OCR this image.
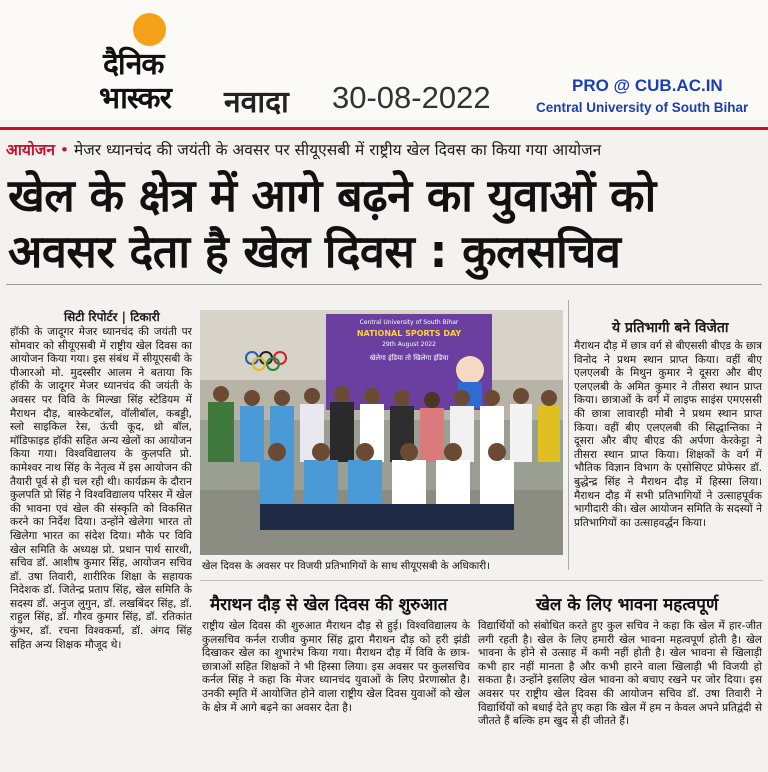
दैनिक
भास्कर नवादा 30-08-2022	PRO @ CUB.AC.IN
Central University of South Bihar
आयोजन • मेजर ध्यानचंद की जयंती के अवसर पर सीयूएसबी में राष्ट्रीय खेल दिवस का किया गया आयोजन
खेल के क्षेत्र में आगे बढ़ने का युवाओं को अवसर देता है खेल दिवस : कुलसचिव
सिटी रिपोर्टर | टिकारी
हॉकी के जादूगर मेजर ध्यानचंद की जयंती पर सोमवार को सीयूएसबी में राष्ट्रीय खेल दिवस का आयोजन किया गया। इस संबंध में सीयूएसबी के पीआरओ मो. मुदस्सीर आलम ने बताया कि हॉकी के जादूगर मेजर ध्यानचंद की जयंती के अवसर पर विवि के मिल्खा सिंह स्टेडियम में मैराथन दौड़, बास्केटबॉल, वॉलीबॉल, कबड्डी, स्लो साइकिल रेस, ऊंची कूद, थ्रो बॉल, मॉडिफाइड हॉकी सहित अन्य खेलों का आयोजन किया गया। विश्वविद्यालय के कुलपति प्रो. कामेश्वर नाथ सिंह के नेतृत्व में इस आयोजन की तैयारी पूर्व से ही चल रही थी। कार्यक्रम के दौरान कुलपति प्रो सिंह ने विश्वविद्यालय परिसर में खेल की भावना एवं खेल की संस्कृति को विकसित करने का निर्देश दिया। उन्होंने खेलेगा भारत तो खिलेगा भारत का संदेश दिया। मौके पर विवि खेल समिति के अध्यक्ष प्रो. प्रधान पार्थ सारथी, सचिव डॉ. आशीष कुमार सिंह, आयोजन सचिव डॉ. उषा तिवारी, शारीरिक शिक्षा के सहायक निदेशक डॉ. जितेन्द्र प्रताप सिंह, खेल समिति के सदस्य डॉ. अनुज लुगुन, डॉ. लखबिंदर सिंह, डॉ. राहुल सिंह, डॉ. गौरव कुमार सिंह, डॉ. रतिकांत कुंभर, डॉ. रचना विश्वकर्मा, डॉ. अंगद सिंह सहित अन्य शिक्षक मौजूद थे।
Central University of South Bihar
NATIONAL SPORTS DAY
29th August 2022
खेलेगा इंडिया तो खिलेगा इंडिया
खेल दिवस के अवसर पर विजयी प्रतिभागियों के साथ सीयूएसबी के अधिकारी।
ये प्रतिभागी बने विजेता
मैराथन दौड़ में छात्र वर्ग से बीएससी बीएड के छात्र विनोद ने प्रथम स्थान प्राप्त किया। वहीं बीए एलएलबी के मिथुन कुमार ने दूसरा और बीए एलएलबी के अमित कुमार ने तीसरा स्थान प्राप्त किया। छात्राओं के वर्ग में लाइफ साइंस एमएससी की छात्रा लावारही मोबी ने प्रथम स्थान प्राप्त किया। वहीं बीए एलएलबी की सिद्धान्तिका ने दूसरा और बीए बीएड की अर्पणा केरकेट्टा ने तीसरा स्थान प्राप्त किया। शिक्षकों के वर्ग में भौतिक विज्ञान विभाग के एसोसिएट प्रोफेसर डॉ. बुद्धेन्द्र सिंह ने मैराथन दौड़ में हिस्सा लिया। मैराथन दौड़ में सभी प्रतिभागियों ने उत्साहपूर्वक भागीदारी की। खेल आयोजन समिति के सदस्यों ने प्रतिभागियों का उत्साहवर्द्धन किया।
मैराथन दौड़ से खेल दिवस की शुरुआत
राष्ट्रीय खेल दिवस की शुरुआत मैराथन दौड़ से हुई। विश्वविद्यालय के कुलसचिव कर्नल राजीव कुमार सिंह द्वारा मैराथन दौड़ को हरी झंडी दिखाकर खेल का शुभारंभ किया गया। मैराथन दौड़ में विवि के छात्र-छात्राओं सहित शिक्षकों ने भी हिस्सा लिया। इस अवसर पर कुलसचिव कर्नल सिंह ने कहा कि मेजर ध्यानचंद युवाओं के लिए प्रेरणास्रोत है। उनकी स्मृति में आयोजित होने वाला राष्ट्रीय खेल दिवस युवाओं को खेल के क्षेत्र में आगे बढ़ने का अवसर देता है।
खेल के लिए भावना महत्वपूर्ण
विद्यार्थियों को संबोधित करते हुए कुल सचिव ने कहा कि खेल में हार-जीत लगी रहती है। खेल के लिए हमारी खेल भावना महत्वपूर्ण होती है। खेल भावना के होने से उत्साह में कमी नहीं होती है। खेल भावना से खिलाड़ी कभी हार नहीं मानता है और कभी हारने वाला खिलाड़ी भी विजयी हो सकता है। उन्होंने इसलिए खेल भावना को बचाए रखने पर जोर दिया। इस अवसर पर राष्ट्रीय खेल दिवस की आयोजन सचिव डॉ. उषा तिवारी ने विद्यार्थियों को बधाई देते हुए कहा कि खेल में हम न केवल अपने प्रतिद्वंदी से जीतते हैं बल्कि हम खुद से ही जीतते हैं।
